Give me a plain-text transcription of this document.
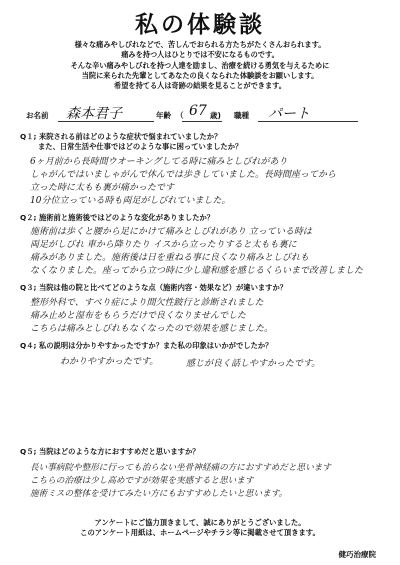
私の体験談
様々な痛みやしびれなどで、苦しんでおられる方たちがたくさんおられます。
痛みを持つ人はひとりでは不安になるものです。
そんな辛い痛みやしびれを持つ人達を励まし、治療を続ける勇気を与えるために
当院に来られた先輩としてあなたの良くなられた体験談をお願いします。
希望を持てる人は奇跡の結果を見ることができます。
お名前 森本君子	年齢 （ 67 歳) 職種 パート
Q１; 来院される前はどのような症状で悩まれていましたか？
また、日常生活や仕事ではどのような事に困っていましたか？
6ヶ月前から長時間ウオーキングしてる時に痛みとしびれがあり
しゃがんではいましゃがんで休んでは歩きしていました。長時間座ってから
立った時に太もも裏が痛かったです
10分位立っている時も両足がしびれていました。
Q２; 施術前と施術後ではどのような変化がありましたか？
施術前は歩くと腰から足にかけて痛みとしびれがあり 立っている時は
両足がしびれ 車から降りたり イスから立ったりすると太もも裏に
痛みがありました。施術後は日を重ねる事に良くなり痛みとしびれも
なくなりました。座ってから立つ時に少し違和感を感じるくらいまで改善しました
Q３; 当院は他の院と比べてどのような点（施術内容・効果など）が違いますか？
整形外科で、すべり症により間欠性跛行と診断されました
痛み止めと湿布をもらうだけで良くなりませんでした
こちらは痛みとしびれもなくなったので効果を感じました。
Q４; 私の説明は分かりやすかったですか？また私の印象はいかがでしたか？
わかりやすかったです。	感じが良く話しやすかったです。
Q５; 当院はどのような方におすすめだと思いますか？
長い事病院や整形に行っても治らない坐骨神経痛の方におすすめだと思います
こちらの治療は少し高めですが効果を実感すると思います
施術ミスの整体を受けてみたい方にもおすすめしたいと思います。
アンケートにご協力頂きまして、誠にありがとうございました。
このアンケート用紙は、ホームページやチラシ等に掲載させて頂きます。
健巧治療院
